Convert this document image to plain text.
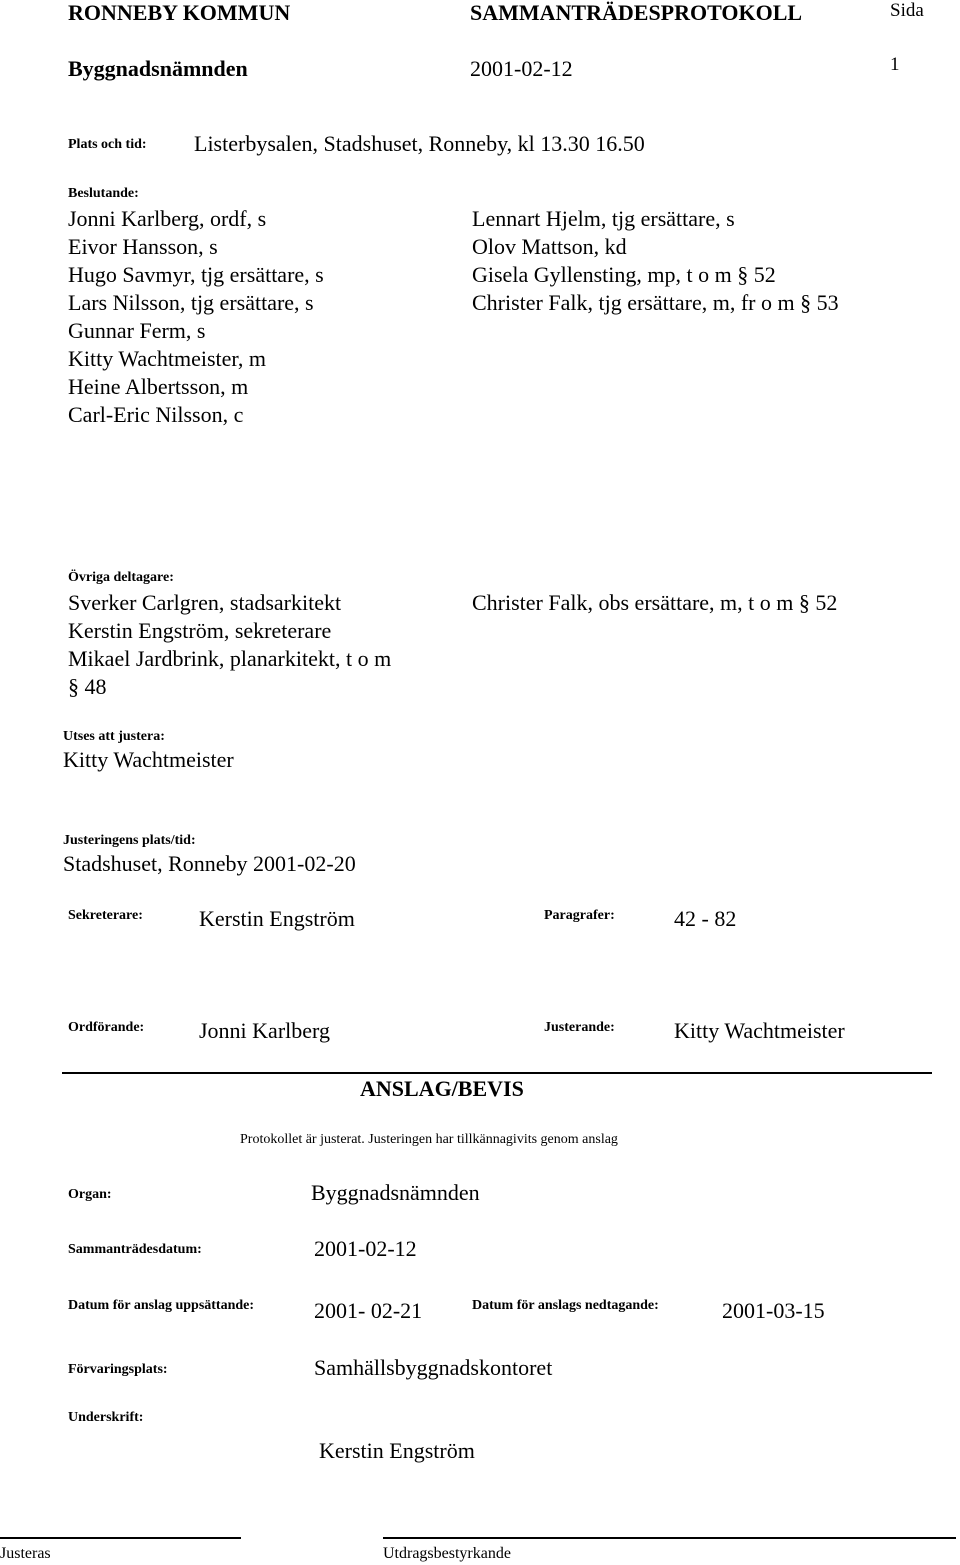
RONNEBY KOMMUN	SAMMANTRÄDESPROTOKOLL	Sida
Byggnadsnämnden	2001-02-12	1
Plats och tid: Listerbysalen, Stadshuset, Ronneby, kl 13.30 16.50
Beslutande:
Jonni Karlberg, ordf, s
Eivor Hansson, s
Hugo Savmyr, tjg ersättare, s
Lars Nilsson, tjg ersättare, s
Gunnar Ferm, s
Kitty Wachtmeister, m
Heine Albertsson, m
Carl-Eric Nilsson, c
Lennart Hjelm, tjg ersättare, s
Olov Mattson, kd
Gisela Gyllensting, mp, t o m § 52
Christer Falk, tjg ersättare, m, fr o m § 53
Övriga deltagare:
Sverker Carlgren, stadsarkitekt
Kerstin Engström, sekreterare
Mikael Jardbrink, planarkitekt, t o m
§ 48
Christer Falk, obs ersättare, m, t o m § 52
Utses att justera:
Kitty Wachtmeister
Justeringens plats/tid:
Stadshuset, Ronneby 2001-02-20
Sekreterare:	Kerstin Engström	Paragrafer:	42 - 82
Ordförande: Jonni Karlberg	Justerande:	Kitty Wachtmeister
ANSLAG/BEVIS
Protokollet är justerat. Justeringen har tillkännagivits genom anslag
Organ:	Byggnadsnämnden
Sammanträdesdatum:	2001-02-12
Datum för anslag uppsättande:	2001- 02-21	Datum för anslags nedtagande:	2001-03-15
Förvaringsplats:	Samhällsbyggnadskontoret
Underskrift:
Kerstin Engström
Justeras	Utdragsbestyrkande
